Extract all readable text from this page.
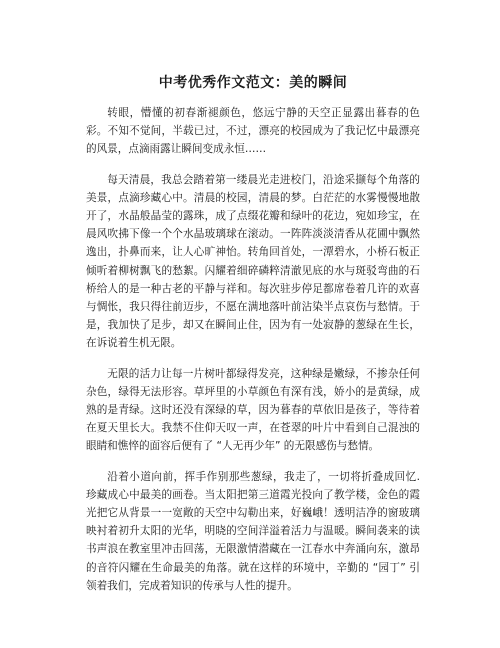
中考优秀作文范文：美的瞬间

转眼，懵懂的初春渐褪颜色，悠远宁静的天空正显露出暮春的色彩。不知不觉间，半载已过，不过，漂亮的校园成为了我记忆中最漂亮的风景，点滴雨露让瞬间变成永恒……

每天清晨，我总会踏着第一缕晨光走进校门，沿途采撷每个角落的美景，点滴珍藏心中。清晨的校园，清晨的梦。白茫茫的水雾慢慢地散开了，水晶般晶莹的露珠，成了点缀花瓣和绿叶的花边，宛如珍宝，在晨风吹拂下像一个个水晶玻璃球在滚动。一阵阵淡淡清香从花圃中飘然逸出，扑鼻而来，让人心旷神怡。转角回首处，一潭碧水，小桥石板正倾听着柳树飘飞的愁絮。闪耀着细碎磷粹清澈见底的水与斑驳弯曲的石桥给人的是一种古老的平静与祥和。每次驻步停足都席卷着几许的欢喜与惆怅，我只得往前迈步，不愿在满地落叶前沾染半点哀伤与愁情。于是，我加快了足步，却又在瞬间止住，因为有一处寂静的葱绿在生长，在诉说着生机无限。

无限的活力让每一片树叶都绿得发亮，这种绿是嫩绿，不掺杂任何杂色，绿得无法形容。草坪里的小草颜色有深有浅，娇小的是黄绿，成熟的是青绿。这时还没有深绿的草，因为暮春的草依旧是孩子，等待着在夏天里长大。我禁不住仰天叹一声，在苍翠的叶片中看到自己混浊的眼睛和憔悴的面容后便有了 “人无再少年” 的无限感伤与愁情。

沿着小道向前，挥手作别那些葱绿，我走了，一切将折叠成回忆. 珍藏成心中最美的画卷。当太阳把第三道霞光投向了教学楼，金色的霞光把它从背景一一宽敞的天空中勾勒出来，好巍峨！透明洁净的窗玻璃映衬着初升太阳的光华，明晓的空间洋溢着活力与温暖。瞬间袭来的读书声浪在教室里冲击回荡，无限激情潜藏在一江春水中奔涌向东，激昂的音符闪耀在生命最美的角落。就在这样的环境中，辛勤的 “园丁” 引领着我们，完成着知识的传承与人性的提升。
